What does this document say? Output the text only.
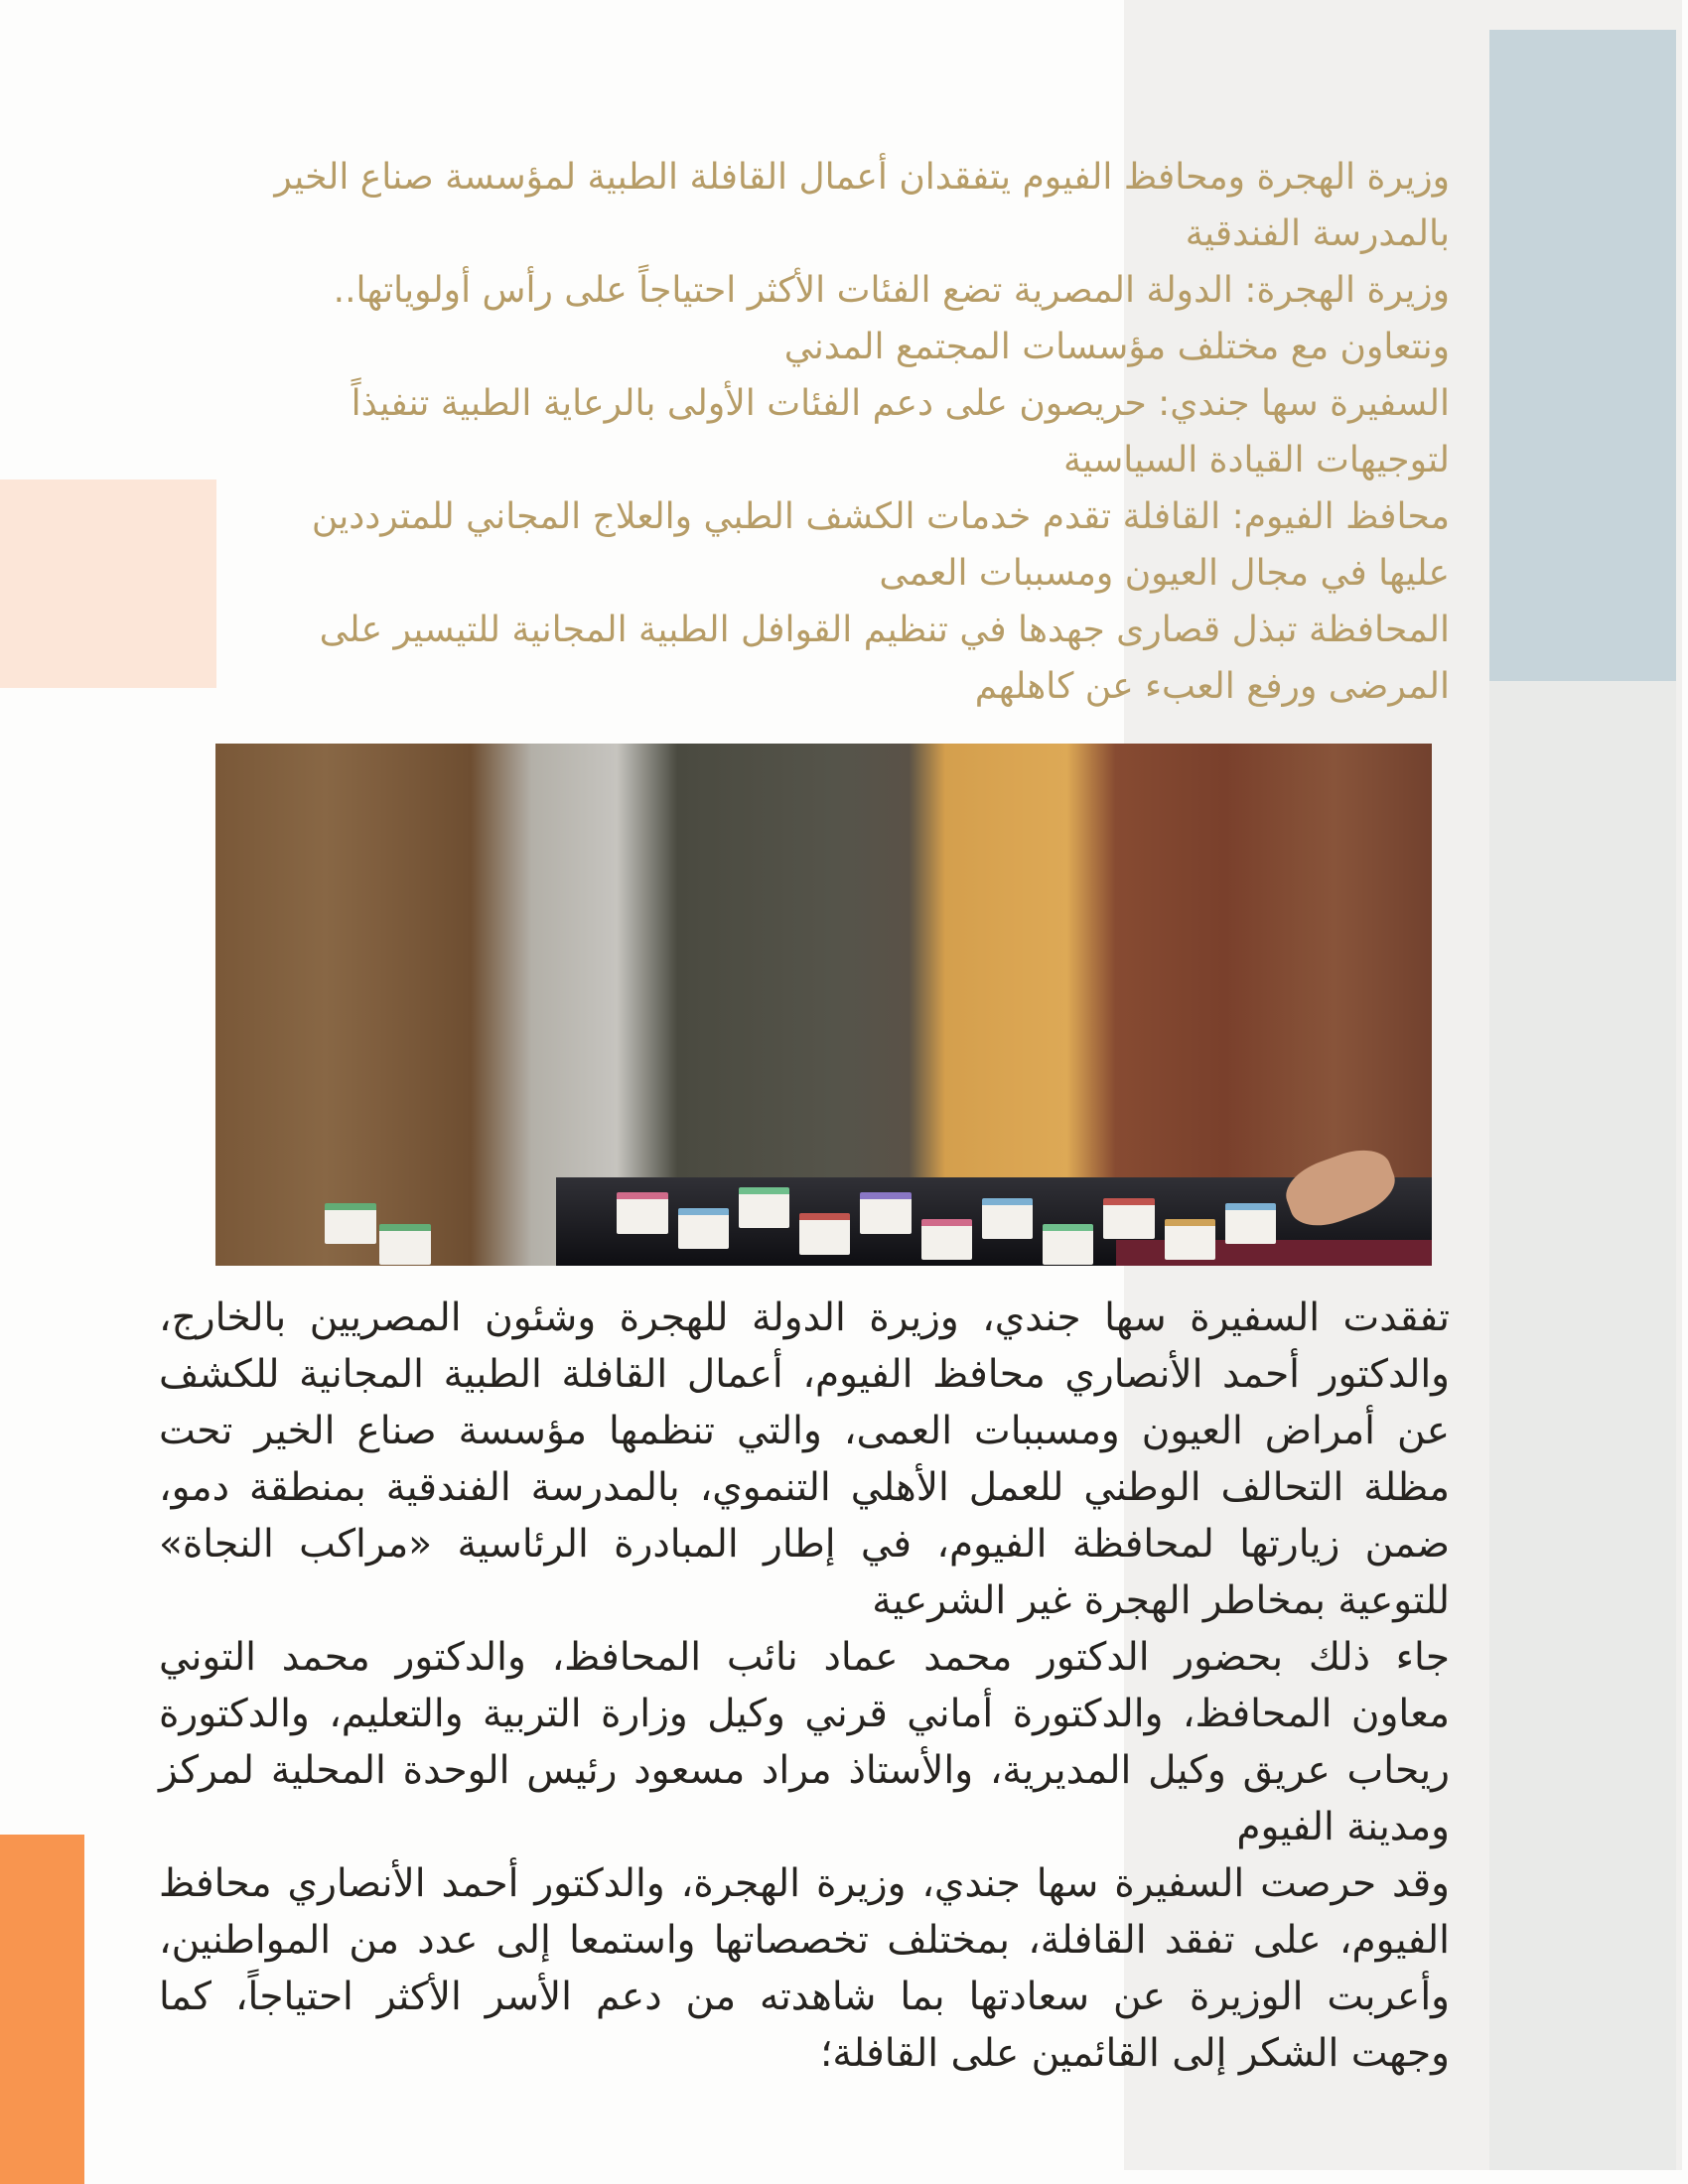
وزيرة الهجرة ومحافظ الفيوم يتفقدان أعمال القافلة الطبية لمؤسسة صناع الخير
بالمدرسة الفندقية
وزيرة الهجرة: الدولة المصرية تضع الفئات الأكثر احتياجاً على رأس أولوياتها..
ونتعاون مع مختلف مؤسسات المجتمع المدني
السفيرة سها جندي: حريصون على دعم الفئات الأولى بالرعاية الطبية تنفيذاً
لتوجيهات القيادة السياسية
محافظ الفيوم: القافلة تقدم خدمات الكشف الطبي والعلاج المجاني للمترددين
عليها في مجال العيون ومسببات العمى
المحافظة تبذل قصارى جهدها في تنظيم القوافل الطبية المجانية للتيسير على
المرضى ورفع العبء عن كاهلهم
تفقدت السفيرة سها جندي، وزيرة الدولة للهجرة وشئون المصريين بالخارج،
والدكتور أحمد الأنصاري محافظ الفيوم، أعمال القافلة الطبية المجانية للكشف
عن أمراض العيون ومسببات العمى، والتي تنظمها مؤسسة صناع الخير تحت
مظلة التحالف الوطني للعمل الأهلي التنموي، بالمدرسة الفندقية بمنطقة دمو،
ضمن زيارتها لمحافظة الفيوم، في إطار المبادرة الرئاسية «مراكب النجاة»
للتوعية بمخاطر الهجرة غير الشرعية
جاء ذلك بحضور الدكتور محمد عماد نائب المحافظ، والدكتور محمد التوني
معاون المحافظ، والدكتورة أماني قرني وكيل وزارة التربية والتعليم، والدكتورة
ريحاب عريق وكيل المديرية، والأستاذ مراد مسعود رئيس الوحدة المحلية لمركز
ومدينة الفيوم
وقد حرصت السفيرة سها جندي، وزيرة الهجرة، والدكتور أحمد الأنصاري محافظ
الفيوم، على تفقد القافلة، بمختلف تخصصاتها واستمعا إلى عدد من المواطنين،
وأعربت الوزيرة عن سعادتها بما شاهدته من دعم الأسر الأكثر احتياجاً، كما
وجهت الشكر إلى القائمين على القافلة؛
